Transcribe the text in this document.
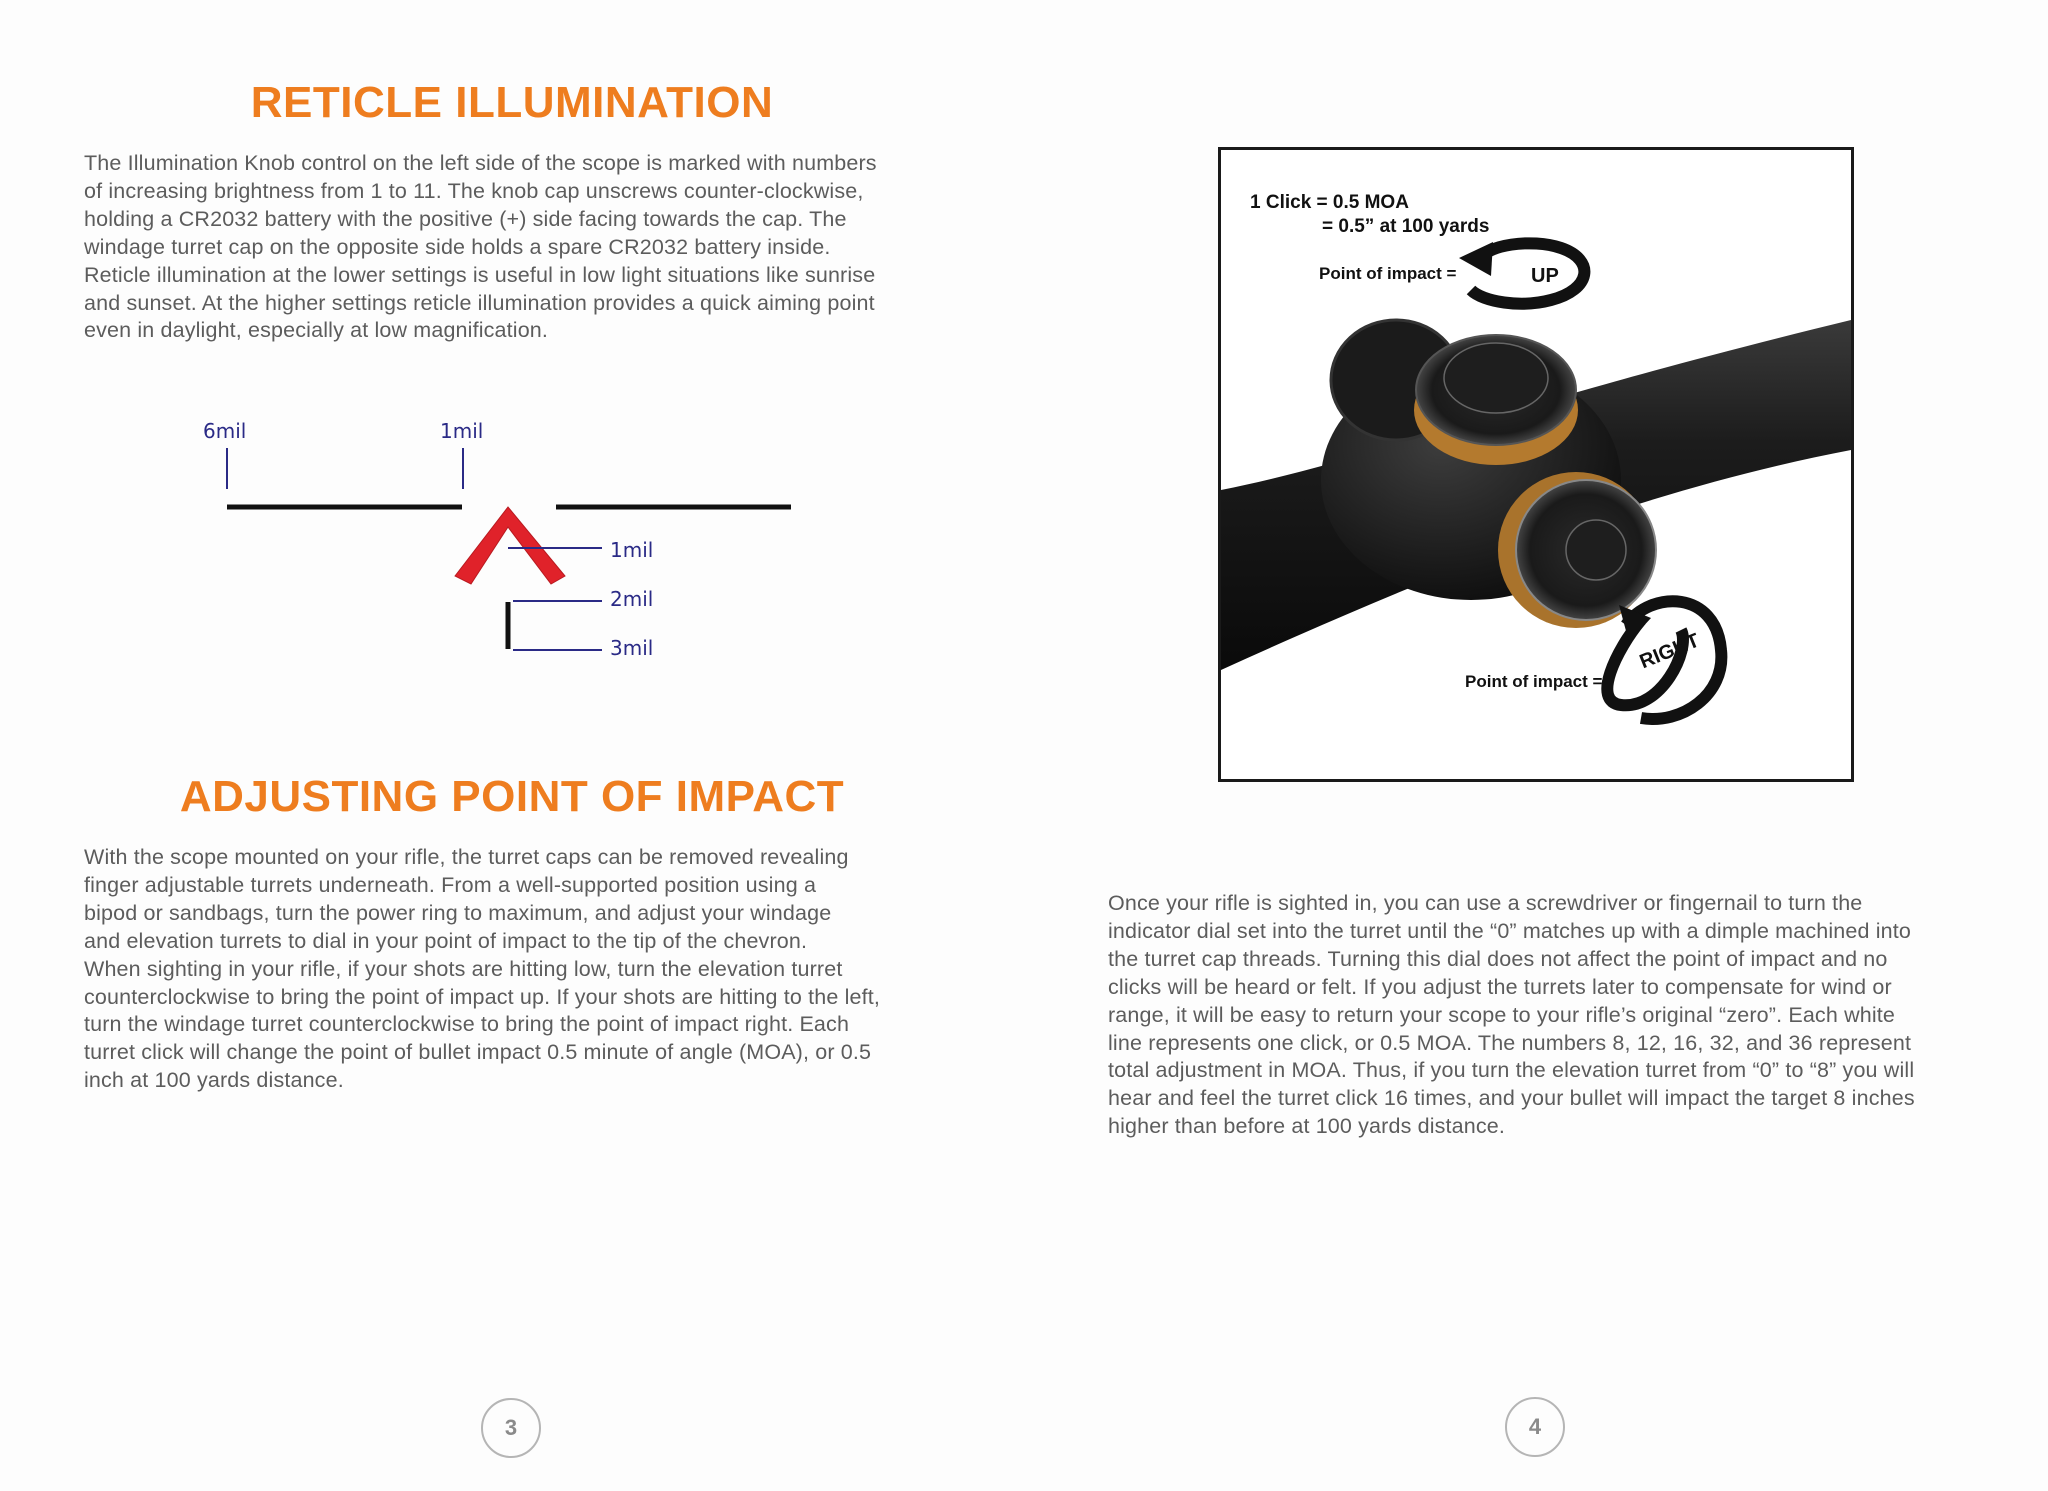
RETICLE ILLUMINATION

The Illumination Knob control on the left side of the scope is marked with numbers
of increasing brightness from 1 to 11. The knob cap unscrews counter-clockwise,
holding a CR2032 battery with the positive (+) side facing towards the cap. The
windage turret cap on the opposite side holds a spare CR2032 battery inside.
Reticle illumination at the lower settings is useful in low light situations like sunrise
and sunset. At the higher settings reticle illumination provides a quick aiming point
even in daylight, especially at low magnification.

6mil	1mil
1mil
2mil
3mil
ADJUSTING POINT OF IMPACT

With the scope mounted on your rifle, the turret caps can be removed revealing
finger adjustable turrets underneath. From a well-supported position using a
bipod or sandbags, turn the power ring to maximum, and adjust your windage
and elevation turrets to dial in your point of impact to the tip of the chevron.
When sighting in your rifle, if your shots are hitting low, turn the elevation turret
counterclockwise to bring the point of impact up. If your shots are hitting to the left,
turn the windage turret counterclockwise to bring the point of impact right. Each
turret click will change the point of bullet impact 0.5 minute of angle (MOA), or 0.5
inch at 100 yards distance.

3
1 Click = 0.5 MOA
= 0.5” at 100 yards
Point of impact =	UP
Point of impact =
RIGHT

Once your rifle is sighted in, you can use a screwdriver or fingernail to turn the
indicator dial set into the turret until the “0” matches up with a dimple machined into
the turret cap threads. Turning this dial does not affect the point of impact and no
clicks will be heard or felt. If you adjust the turrets later to compensate for wind or
range, it will be easy to return your scope to your rifle’s original “zero”. Each white
line represents one click, or 0.5 MOA. The numbers 8, 12, 16, 32, and 36 represent
total adjustment in MOA. Thus, if you turn the elevation turret from “0” to “8” you will
hear and feel the turret click 16 times, and your bullet will impact the target 8 inches
higher than before at 100 yards distance.

4
